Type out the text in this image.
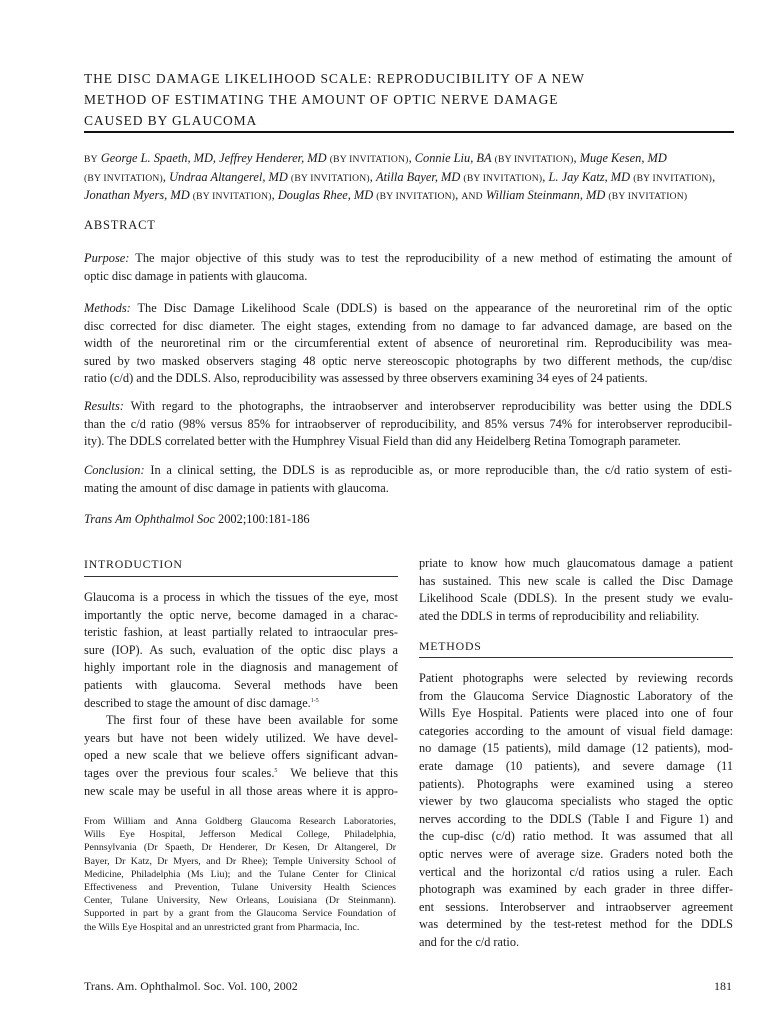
THE DISC DAMAGE LIKELIHOOD SCALE: REPRODUCIBILITY OF A NEW
METHOD OF ESTIMATING THE AMOUNT OF OPTIC NERVE DAMAGE
CAUSED BY GLAUCOMA
BY George L. Spaeth, MD, Jeffrey Henderer, MD (BY INVITATION), Connie Liu, BA (BY INVITATION), Muge Kesen, MD
(BY INVITATION), Undraa Altangerel, MD (BY INVITATION), Atilla Bayer, MD (BY INVITATION), L. Jay Katz, MD (BY INVITATION),
Jonathan Myers, MD (BY INVITATION), Douglas Rhee, MD (BY INVITATION), AND William Steinmann, MD (BY INVITATION)
ABSTRACT
Purpose: The major objective of this study was to test the reproducibility of a new method of estimating the amount of
optic disc damage in patients with glaucoma.
Methods: The Disc Damage Likelihood Scale (DDLS) is based on the appearance of the neuroretinal rim of the optic
disc corrected for disc diameter. The eight stages, extending from no damage to far advanced damage, are based on the
width of the neuroretinal rim or the circumferential extent of absence of neuroretinal rim. Reproducibility was mea-
sured by two masked observers staging 48 optic nerve stereoscopic photographs by two different methods, the cup/disc
ratio (c/d) and the DDLS. Also, reproducibility was assessed by three observers examining 34 eyes of 24 patients.
Results: With regard to the photographs, the intraobserver and interobserver reproducibility was better using the DDLS
than the c/d ratio (98% versus 85% for intraobserver of reproducibility, and 85% versus 74% for interobserver reproducibil-
ity). The DDLS correlated better with the Humphrey Visual Field than did any Heidelberg Retina Tomograph parameter.
Conclusion: In a clinical setting, the DDLS is as reproducible as, or more reproducible than, the c/d ratio system of esti-
mating the amount of disc damage in patients with glaucoma.
Trans Am Ophthalmol Soc 2002;100:181-186
INTRODUCTION
Glaucoma is a process in which the tissues of the eye, most
importantly the optic nerve, become damaged in a charac-
teristic fashion, at least partially related to intraocular pres-
sure (IOP). As such, evaluation of the optic disc plays a
highly important role in the diagnosis and management of
patients with glaucoma. Several methods have been
described to stage the amount of disc damage.$^{1-5}$
The first four of these have been available for some
years but have not been widely utilized. We have devel-
oped a new scale that we believe offers significant advan-
tages over the previous four scales.$^5$ We believe that this
new scale may be useful in all those areas where it is appro-
From William and Anna Goldberg Glaucoma Research Laboratories,
Wills Eye Hospital, Jefferson Medical College, Philadelphia,
Pennsylvania (Dr Spaeth, Dr Henderer, Dr Kesen, Dr Altangerel, Dr
Bayer, Dr Katz, Dr Myers, and Dr Rhee); Temple University School of
Medicine, Philadelphia (Ms Liu); and the Tulane Center for Clinical
Effectiveness and Prevention, Tulane University Health Sciences
Center, Tulane University, New Orleans, Louisiana (Dr Steinmann).
Supported in part by a grant from the Glaucoma Service Foundation of
the Wills Eye Hospital and an unrestricted grant from Pharmacia, Inc.
priate to know how much glaucomatous damage a patient
has sustained. This new scale is called the Disc Damage
Likelihood Scale (DDLS). In the present study we evalu-
ated the DDLS in terms of reproducibility and reliability.
METHODS
Patient photographs were selected by reviewing records
from the Glaucoma Service Diagnostic Laboratory of the
Wills Eye Hospital. Patients were placed into one of four
categories according to the amount of visual field damage:
no damage (15 patients), mild damage (12 patients), mod-
erate damage (10 patients), and severe damage (11
patients). Photographs were examined using a stereo
viewer by two glaucoma specialists who staged the optic
nerves according to the DDLS (Table I and Figure 1) and
the cup-disc (c/d) ratio method. It was assumed that all
optic nerves were of average size. Graders noted both the
vertical and the horizontal c/d ratios using a ruler. Each
photograph was examined by each grader in three differ-
ent sessions. Interobserver and intraobserver agreement
was determined by the test-retest method for the DDLS
and for the c/d ratio.
Trans. Am. Ophthalmol. Soc. Vol. 100, 2002	181
